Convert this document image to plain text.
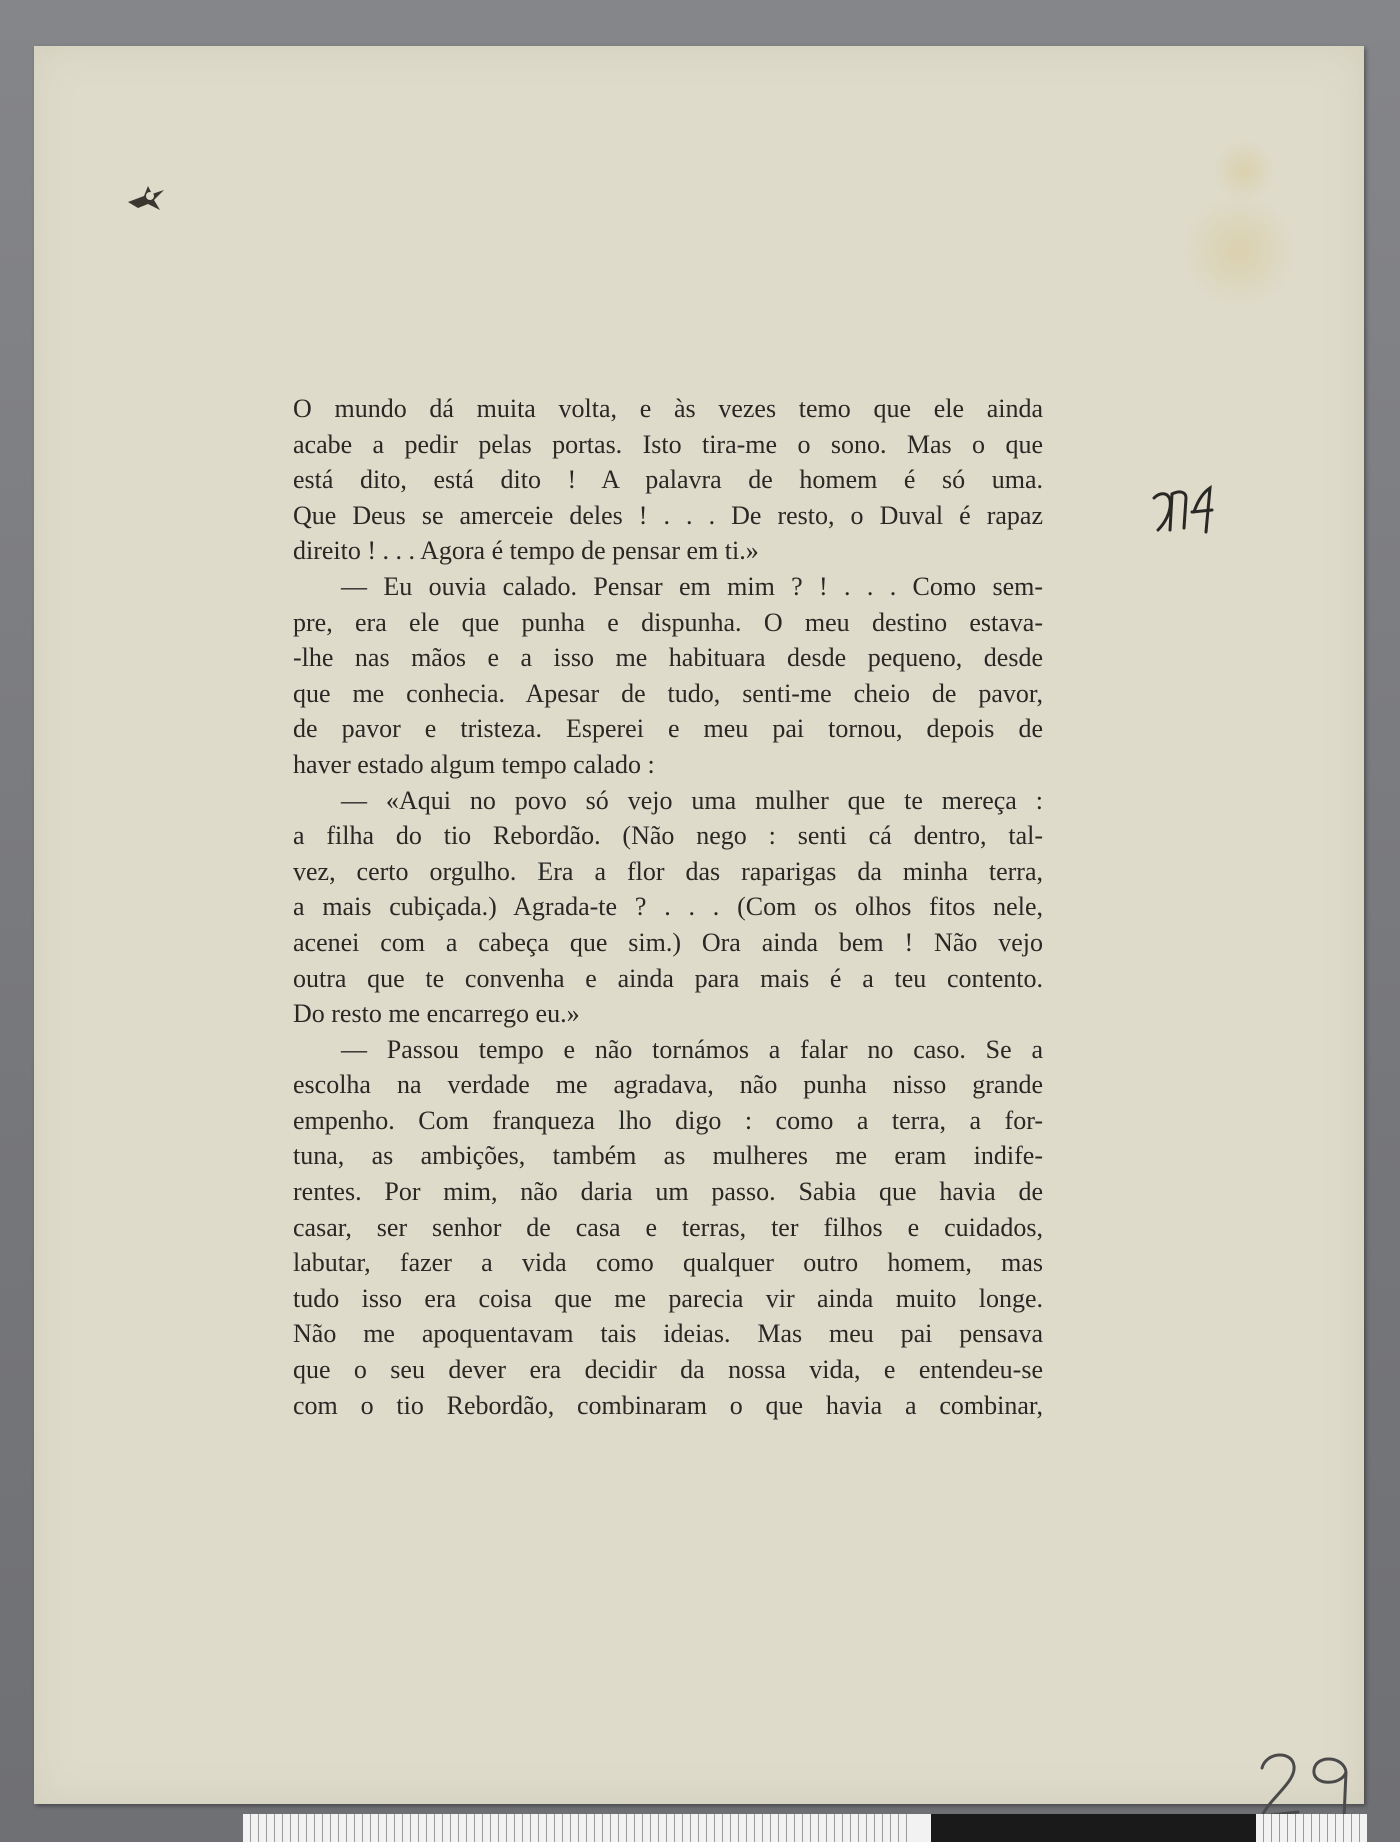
O mundo dá muita volta, e às vezes temo que ele ainda
acabe a pedir pelas portas. Isto tira-me o sono. Mas o que
está dito, está dito ! A palavra de homem é só uma.
Que Deus se amerceie deles ! . . . De resto, o Duval é rapaz
direito ! . . . Agora é tempo de pensar em ti.»
— Eu ouvia calado. Pensar em mim ? ! . . . Como sem-
pre, era ele que punha e dispunha. O meu destino estava-
-lhe nas mãos e a isso me habituara desde pequeno, desde
que me conhecia. Apesar de tudo, senti-me cheio de pavor,
de pavor e tristeza. Esperei e meu pai tornou, depois de
haver estado algum tempo calado :
— «Aqui no povo só vejo uma mulher que te mereça :
a filha do tio Rebordão. (Não nego : senti cá dentro, tal-
vez, certo orgulho. Era a flor das raparigas da minha terra,
a mais cubiçada.) Agrada-te ? . . . (Com os olhos fitos nele,
acenei com a cabeça que sim.) Ora ainda bem ! Não vejo
outra que te convenha e ainda para mais é a teu contento.
Do resto me encarrego eu.»
— Passou tempo e não tornámos a falar no caso. Se a
escolha na verdade me agradava, não punha nisso grande
empenho. Com franqueza lho digo : como a terra, a for-
tuna, as ambições, também as mulheres me eram indife-
rentes. Por mim, não daria um passo. Sabia que havia de
casar, ser senhor de casa e terras, ter filhos e cuidados,
labutar, fazer a vida como qualquer outro homem, mas
tudo isso era coisa que me parecia vir ainda muito longe.
Não me apoquentavam tais ideias. Mas meu pai pensava
que o seu dever era decidir da nossa vida, e entendeu-se
com o tio Rebordão, combinaram o que havia a combinar,
